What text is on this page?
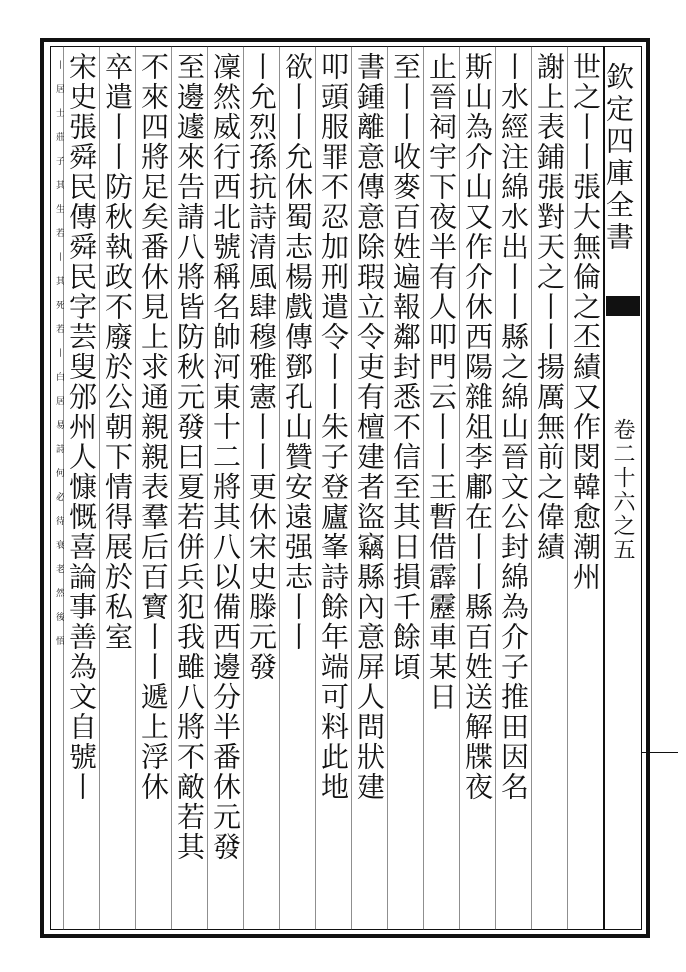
欽定四庫全書
卷二十六之五
世之丨丨張大無倫之丕績又作閔韓愈潮州
謝上表鋪張對天之丨丨揚厲無前之偉績
丨水經注綿水出丨丨縣之綿山晉文公封綿為介子推田因名
斯山為介山又作介休西陽雜俎李鄘在丨丨縣百姓送解牒夜
止晉祠宇下夜半有人叩門云丨丨王暫借霹靂車某日
至丨丨收麥百姓遍報鄰封悉不信至其日損千餘頃
書鍾離意傳意除瑕立令吏有檀建者盜竊縣內意屏人問狀建
叩頭服罪不忍加刑遣令丨丨朱子登廬峯詩餘年端可料此地
欲丨丨允休蜀志楊戲傳鄧孔山贊安遠强志丨丨
丨允烈孫抗詩清風肆穆雅憲丨丨更休宋史滕元發
凜然威行西北號稱名帥河東十二將其八以備西邊分半番休元發
至邊遽來告請八將皆防秋元發曰夏若併兵犯我雖八將不敵若其
不來四將足矣番休見上求通親親表羣后百寳丨丨遞上浮休
卒遣丨丨防秋執政不廢於公朝下情得展於私室
宋史張舜民傳舜民字芸叟邠州人慷慨喜論事善為文自號丨
丨居士莊子其生若丨其死若丨白居易詩何必待衰老然後悟
